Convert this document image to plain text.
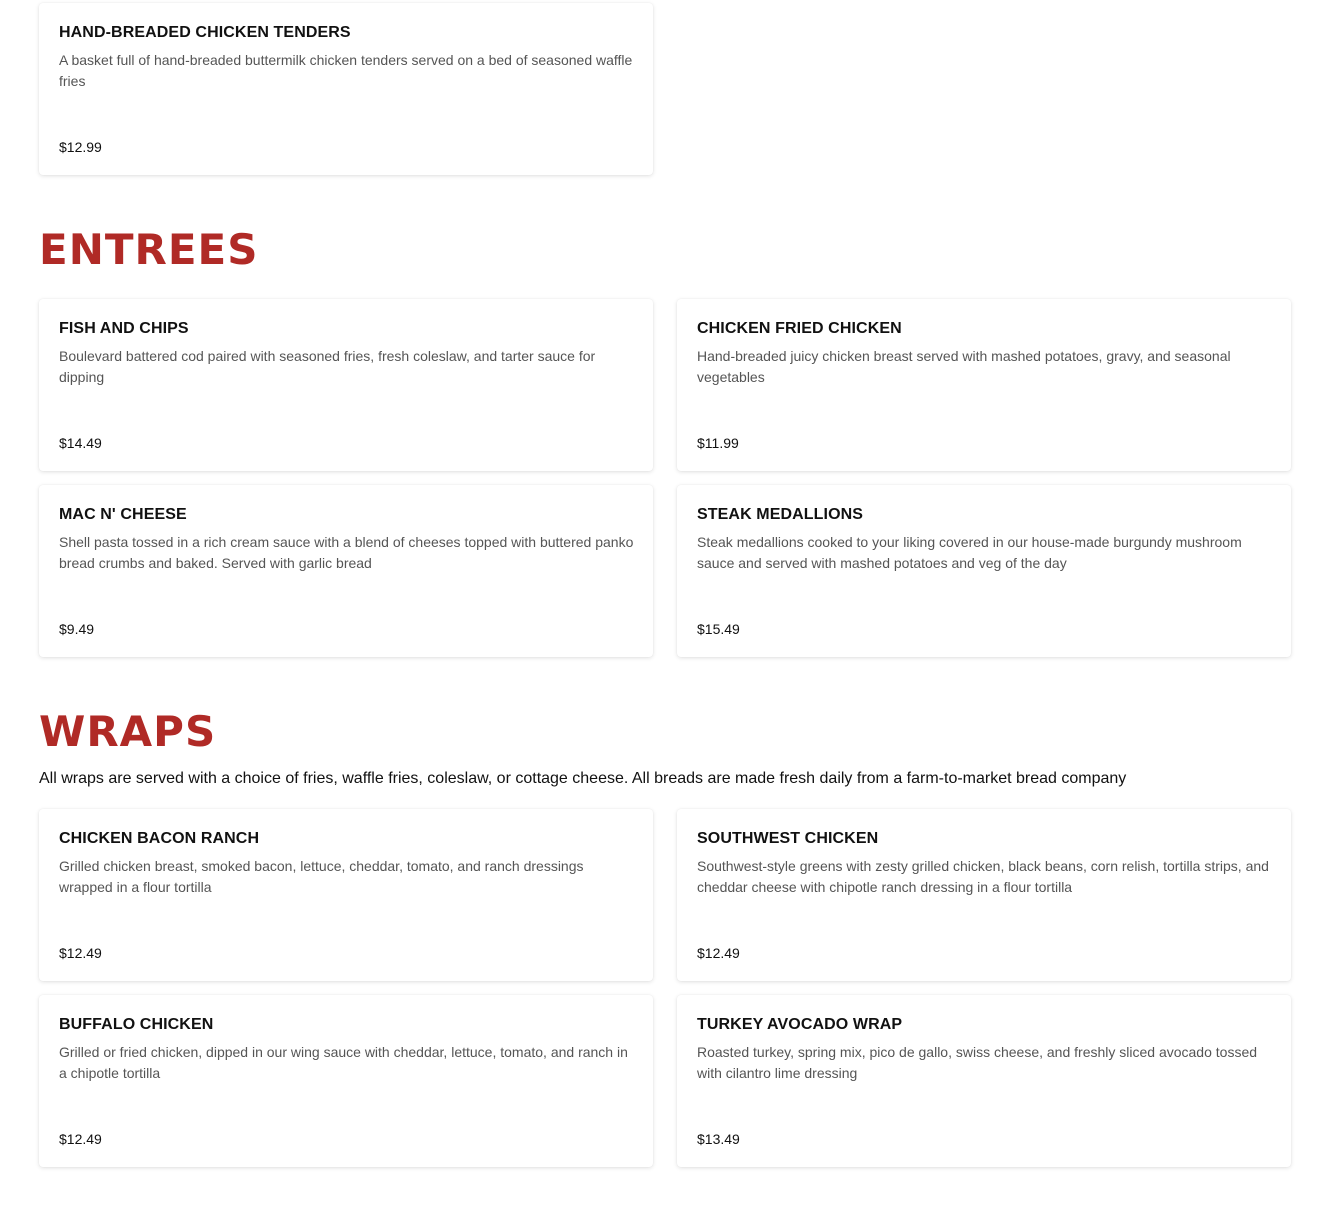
HAND-BREADED CHICKEN TENDERS
A basket full of hand-breaded buttermilk chicken tenders served on a bed of seasoned waffle fries
$12.99
ENTREES
FISH AND CHIPS
Boulevard battered cod paired with seasoned fries, fresh coleslaw, and tarter sauce for dipping
$14.49
CHICKEN FRIED CHICKEN
Hand-breaded juicy chicken breast served with mashed potatoes, gravy, and seasonal vegetables
$11.99
MAC N' CHEESE
Shell pasta tossed in a rich cream sauce with a blend of cheeses topped with buttered panko bread crumbs and baked. Served with garlic bread
$9.49
STEAK MEDALLIONS
Steak medallions cooked to your liking covered in our house-made burgundy mushroom sauce and served with mashed potatoes and veg of the day
$15.49
WRAPS
All wraps are served with a choice of fries, waffle fries, coleslaw, or cottage cheese. All breads are made fresh daily from a farm-to-market bread company
CHICKEN BACON RANCH
Grilled chicken breast, smoked bacon, lettuce, cheddar, tomato, and ranch dressings wrapped in a flour tortilla
$12.49
SOUTHWEST CHICKEN
Southwest-style greens with zesty grilled chicken, black beans, corn relish, tortilla strips, and cheddar cheese with chipotle ranch dressing in a flour tortilla
$12.49
BUFFALO CHICKEN
Grilled or fried chicken, dipped in our wing sauce with cheddar, lettuce, tomato, and ranch in a chipotle tortilla
$12.49
TURKEY AVOCADO WRAP
Roasted turkey, spring mix, pico de gallo, swiss cheese, and freshly sliced avocado tossed with cilantro lime dressing
$13.49
